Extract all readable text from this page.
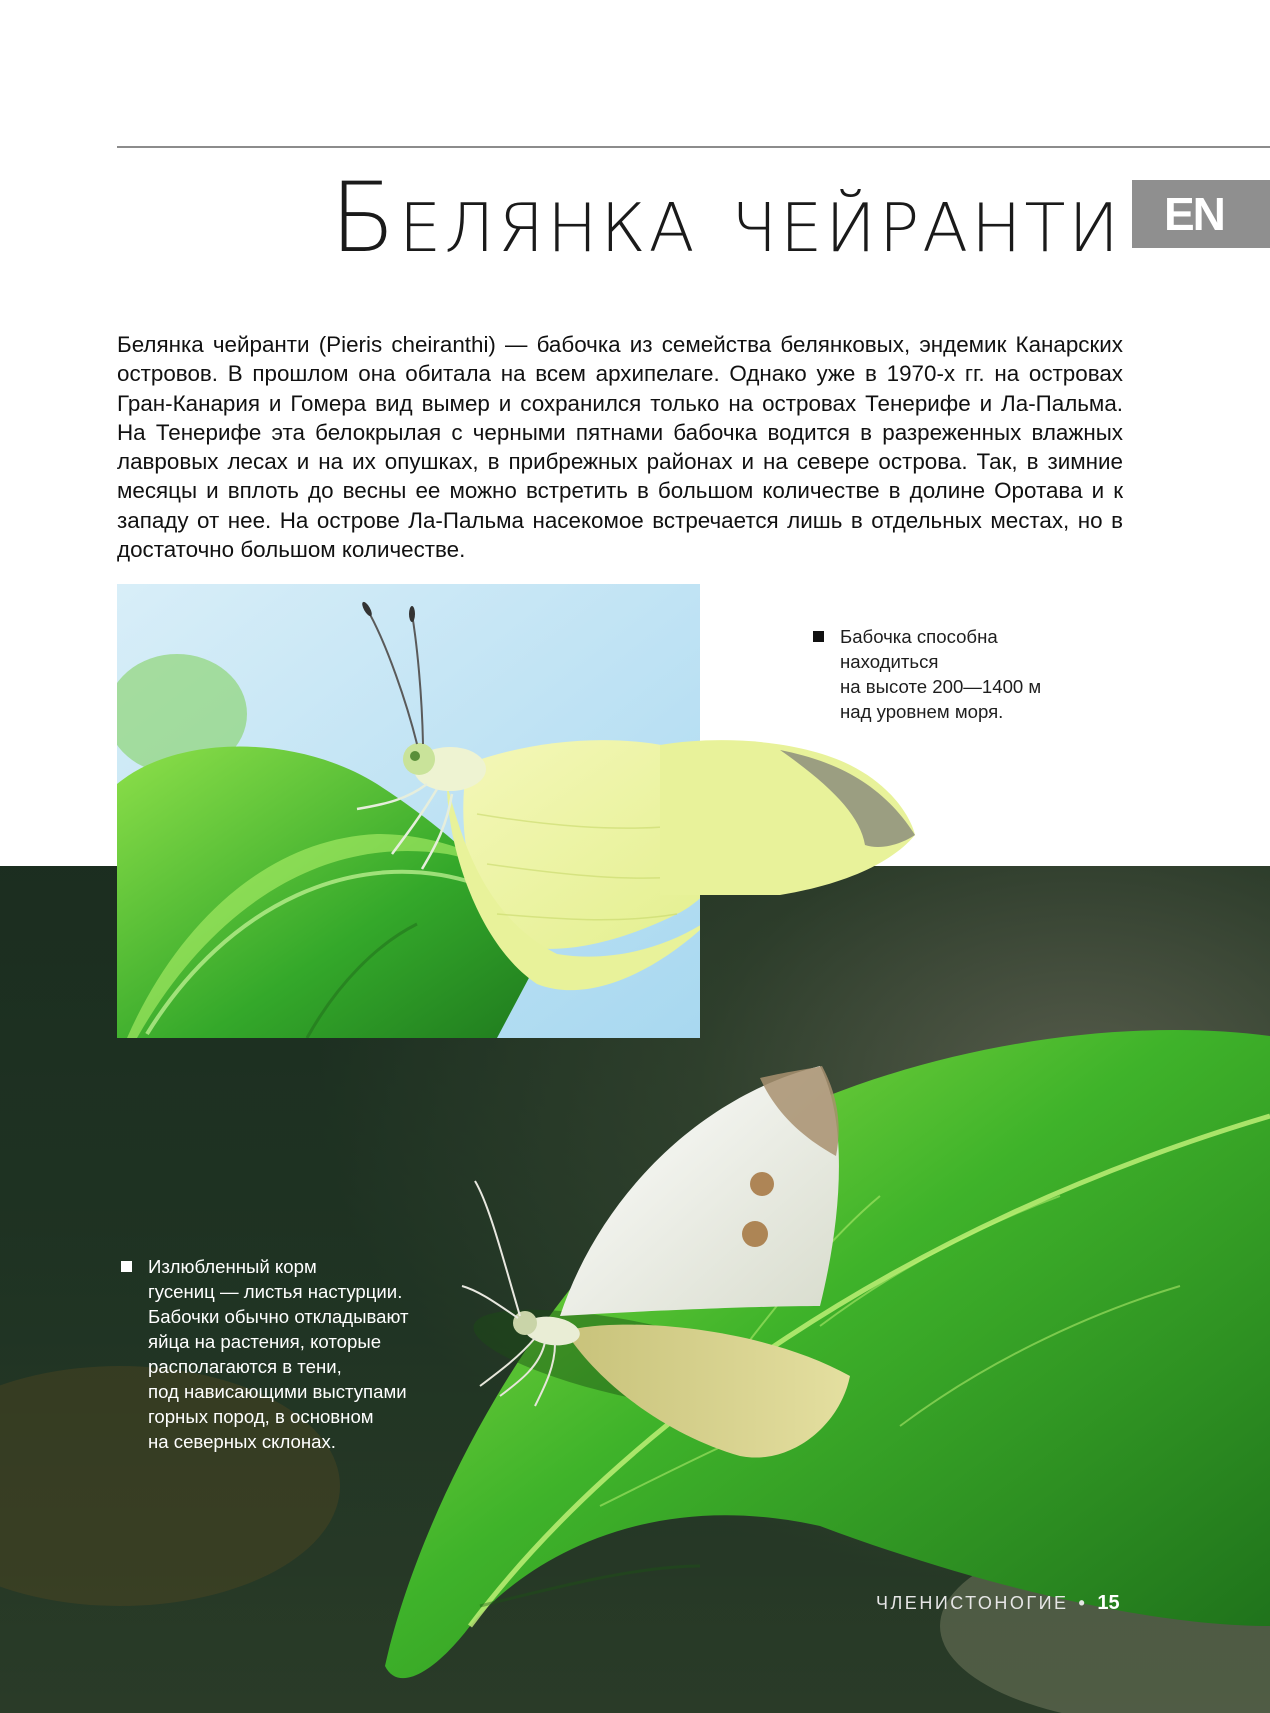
Белянка чейранти EN

Белянка чейранти (Pieris cheiranthi) — бабочка из семейства белянковых, эндемик Канарских островов. В прошлом она обитала на всем архипелаге. Однако уже в 1970-х гг. на островах Гран-Канария и Гомера вид вымер и сохранился только на островах Тенерифе и Ла-Пальма. На Тенерифе эта белокрылая с черными пятнами бабочка водится в разреженных влажных лавровых лесах и на их опушках, в прибрежных районах и на севере острова. Так, в зимние месяцы и вплоть до весны ее можно встретить в большом количестве в долине Оротава и к западу от нее. На острове Ла-Пальма насекомое встречается лишь в отдельных местах, но в достаточно большом количестве.

Бабочка способна
находиться
на высоте 200—1400 м
над уровнем моря.
Излюбленный корм
гусениц — листья настурции.
Бабочки обычно откладывают
яйца на растения, которые
располагаются в тени,
под нависающими выступами
горных пород, в основном
на северных склонах.
ЧЛЕНИСТОНОГИЕ • 15
